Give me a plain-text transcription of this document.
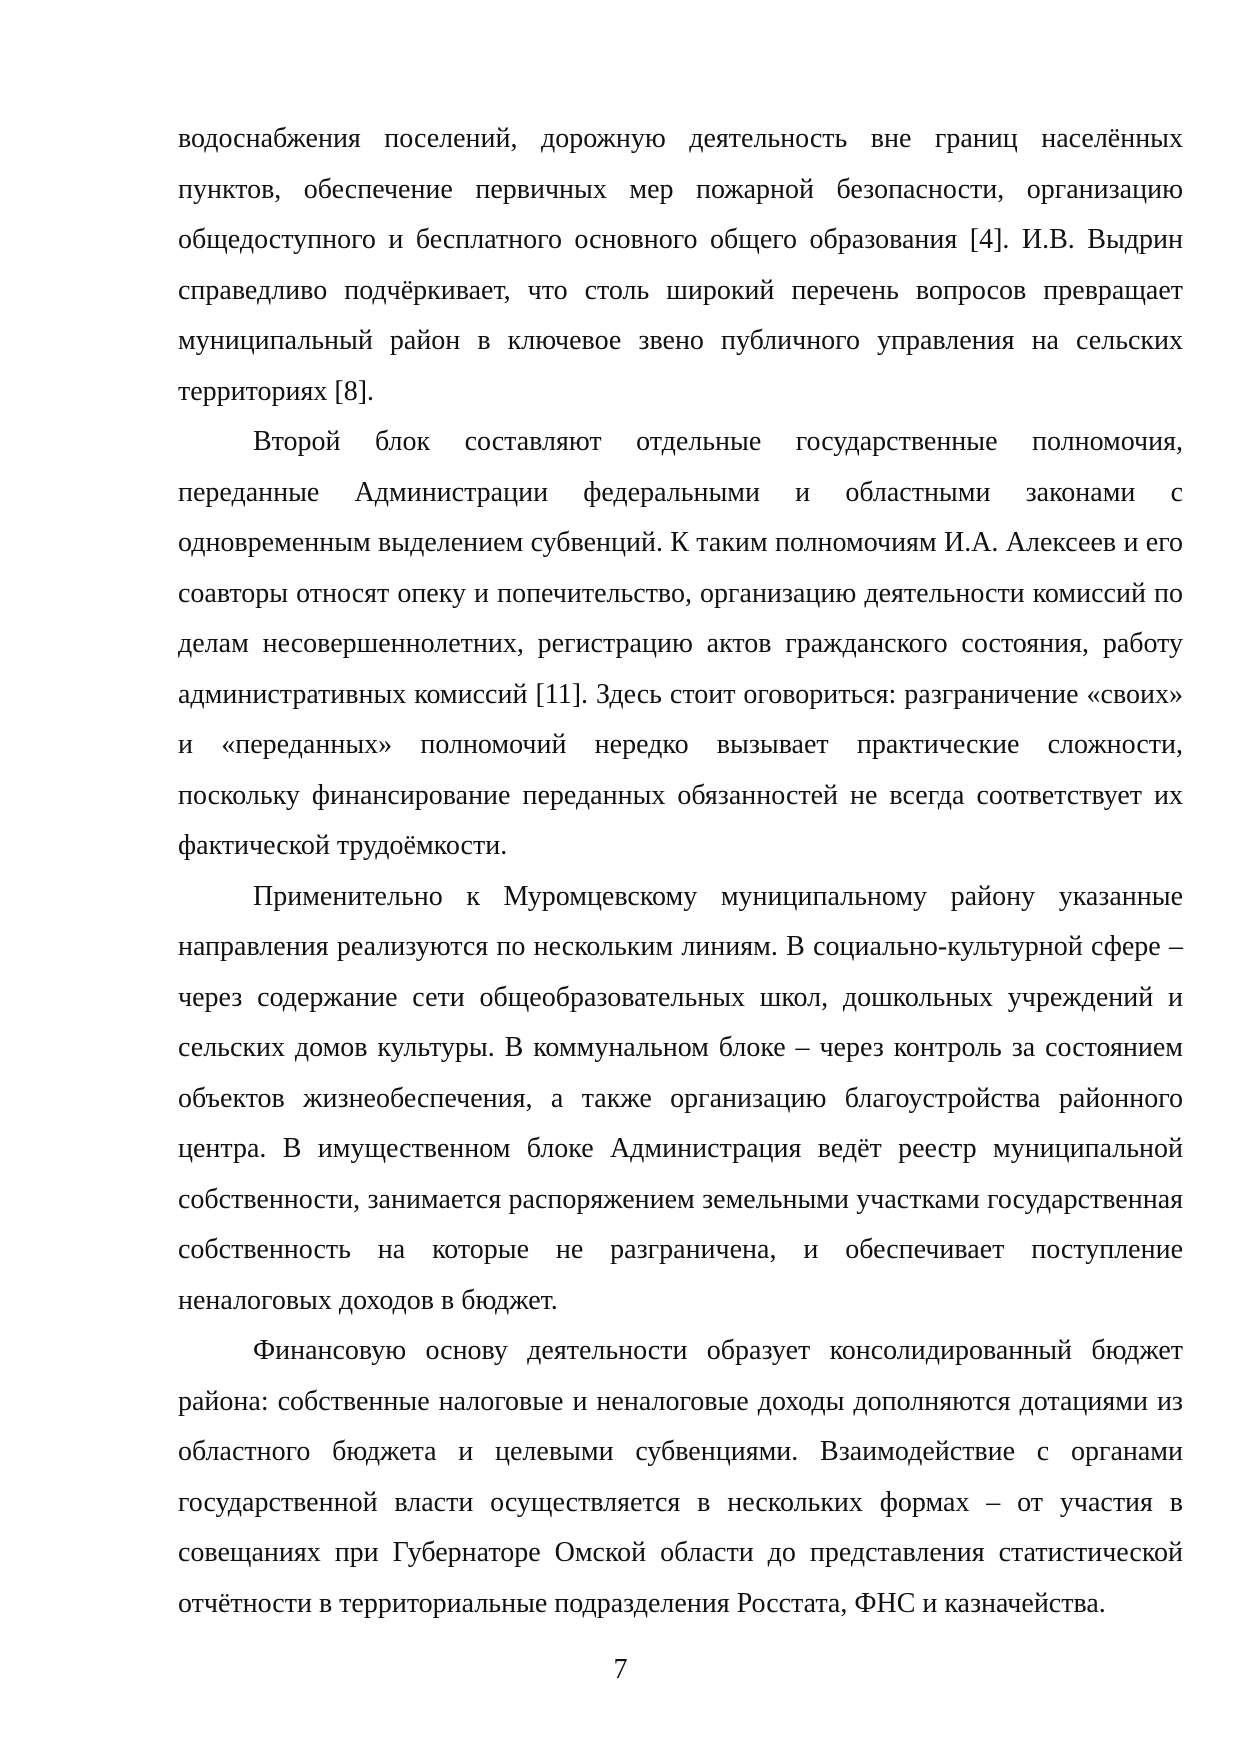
водоснабжения поселений, дорожную деятельность вне границ населённых пунктов, обеспечение первичных мер пожарной безопасности, организацию общедоступного и бесплатного основного общего образования [4]. И.В. Выдрин справедливо подчёркивает, что столь широкий перечень вопросов превращает муниципальный район в ключевое звено публичного управления на сельских территориях [8].

Второй блок составляют отдельные государственные полномочия, переданные Администрации федеральными и областными законами с одновременным выделением субвенций. К таким полномочиям И.А. Алексеев и его соавторы относят опеку и попечительство, организацию деятельности комиссий по делам несовершеннолетних, регистрацию актов гражданского состояния, работу административных комиссий [11]. Здесь стоит оговориться: разграничение «своих» и «переданных» полномочий нередко вызывает практические сложности, поскольку финансирование переданных обязанностей не всегда соответствует их фактической трудоёмкости.

Применительно к Муромцевскому муниципальному району указанные направления реализуются по нескольким линиям. В социально-культурной сфере – через содержание сети общеобразовательных школ, дошкольных учреждений и сельских домов культуры. В коммунальном блоке – через контроль за состоянием объектов жизнеобеспечения, а также организацию благоустройства районного центра. В имущественном блоке Администрация ведёт реестр муниципальной собственности, занимается распоряжением земельными участками государственная собственность на которые не разграничена, и обеспечивает поступление неналоговых доходов в бюджет.

Финансовую основу деятельности образует консолидированный бюджет района: собственные налоговые и неналоговые доходы дополняются дотациями из областного бюджета и целевыми субвенциями. Взаимодействие с органами государственной власти осуществляется в нескольких формах – от участия в совещаниях при Губернаторе Омской области до представления статистической отчётности в территориальные подразделения Росстата, ФНС и казначейства.

7
